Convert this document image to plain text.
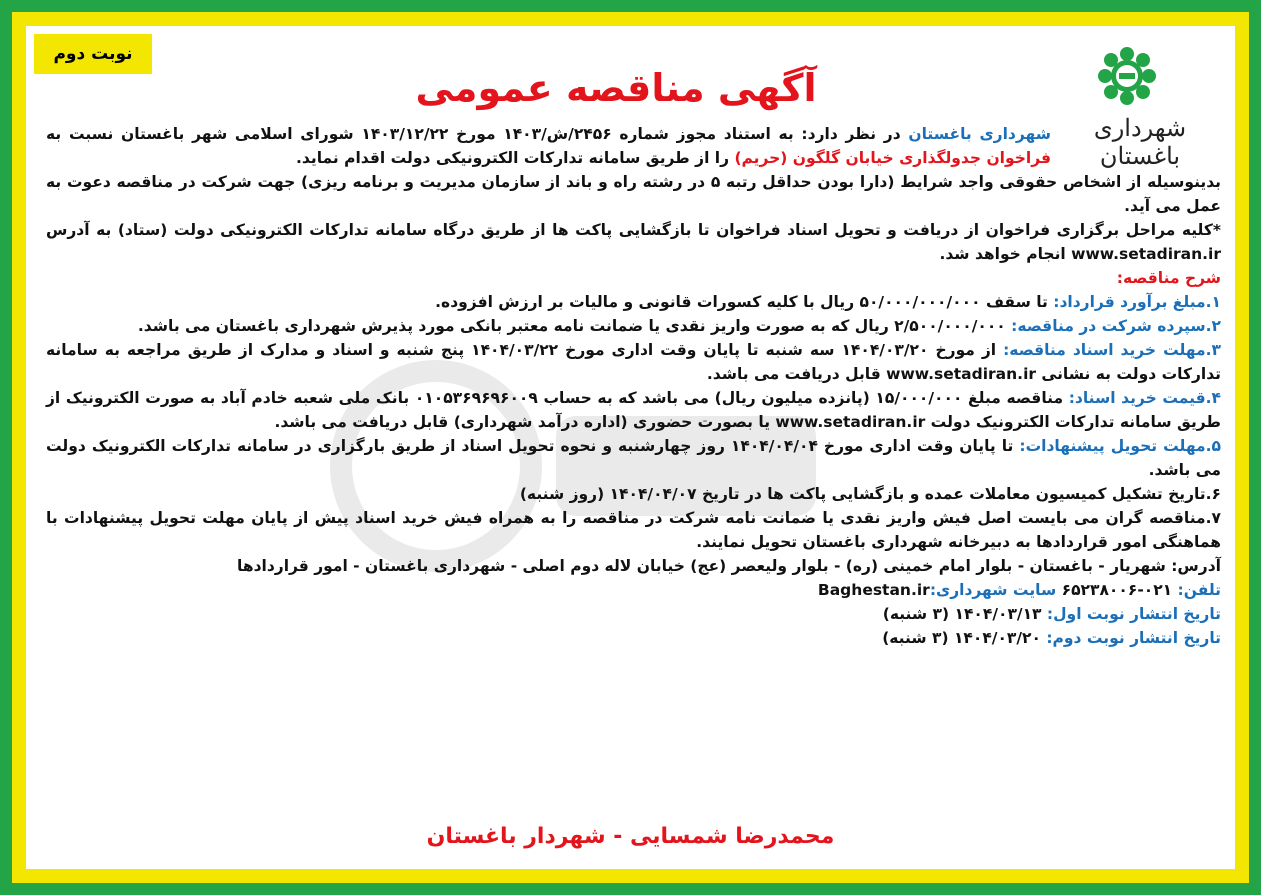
نوبت دوم
آگهی مناقصه عمومی
شهرداری باغستان

شهرداری باغستان در نظر دارد: به استناد مجوز شماره ۲۴۵۶/ش/۱۴۰۳ مورخ ۱۴۰۳/۱۲/۲۲ شورای اسلامی شهر باغستان نسبت به فراخوان جدولگذاری خیابان گلگون (حریم) را از طریق سامانه تدارکات الکترونیکی دولت اقدام نماید.

بدینوسیله از اشخاص حقوقی واجد شرایط (دارا بودن حداقل رتبه ۵ در رشته راه و باند از سازمان مدیریت و برنامه ریزی) جهت شرکت در مناقصه دعوت به عمل می آید.

*کلیه مراحل برگزاری فراخوان از دریافت و تحویل اسناد فراخوان تا بازگشایی پاکت ها از طریق درگاه سامانه تدارکات الکترونیکی دولت (ستاد) به آدرس www.setadiran.ir انجام خواهد شد.

شرح مناقصه:

۱.مبلغ برآورد قرارداد: تا سقف ۵۰/۰۰۰/۰۰۰/۰۰۰ ریال با کلیه کسورات قانونی و مالیات بر ارزش افزوده.

۲.سپرده شرکت در مناقصه: ۲/۵۰۰/۰۰۰/۰۰۰ ریال که به صورت واریز نقدی یا ضمانت نامه معتبر بانکی مورد پذیرش شهرداری باغستان می باشد.

۳.مهلت خرید اسناد مناقصه: از مورخ ۱۴۰۴/۰۳/۲۰ سه شنبه تا پایان وقت اداری مورخ ۱۴۰۴/۰۳/۲۲ پنج شنبه و اسناد و مدارک از طریق مراجعه به سامانه تدارکات دولت به نشانی www.setadiran.ir قابل دریافت می باشد.

۴.قیمت خرید اسناد: مناقصه مبلغ ۱۵/۰۰۰/۰۰۰ (پانزده میلیون ریال) می باشد که به حساب ۰۱۰۵۳۶۹۶۹۶۰۰۹ بانک ملی شعبه خادم آباد به صورت الکترونیک از طریق سامانه تدارکات الکترونیک دولت www.setadiran.ir یا بصورت حضوری (اداره درآمد شهرداری) قابل دریافت می باشد.

۵.مهلت تحویل پیشنهادات: تا پایان وقت اداری مورخ ۱۴۰۴/۰۴/۰۴ روز چهارشنبه و نحوه تحویل اسناد از طریق بارگزاری در سامانه تدارکات الکترونیک دولت می باشد.

۶.تاریخ تشکیل کمیسیون معاملات عمده و بازگشایی پاکت ها در تاریخ ۱۴۰۴/۰۴/۰۷ (روز شنبه)

۷.مناقصه گران می بایست اصل فیش واریز نقدی یا ضمانت نامه شرکت در مناقصه را به همراه فیش خرید اسناد پیش از پایان مهلت تحویل پیشنهادات با هماهنگی امور قراردادها به دبیرخانه شهرداری باغستان تحویل نمایند.

آدرس: شهریار - باغستان - بلوار امام خمینی (ره) - بلوار ولیعصر (عج) خیابان لاله دوم اصلی - شهرداری باغستان - امور قراردادها

تلفن: ۰۲۱-۶۵۲۳۸۰۰۶ سایت شهرداری: Baghestan.ir

تاریخ انتشار نوبت اول: ۱۴۰۴/۰۳/۱۳ (۳ شنبه)

تاریخ انتشار نوبت دوم: ۱۴۰۴/۰۳/۲۰ (۳ شنبه)

محمدرضا شمسایی - شهردار باغستان
